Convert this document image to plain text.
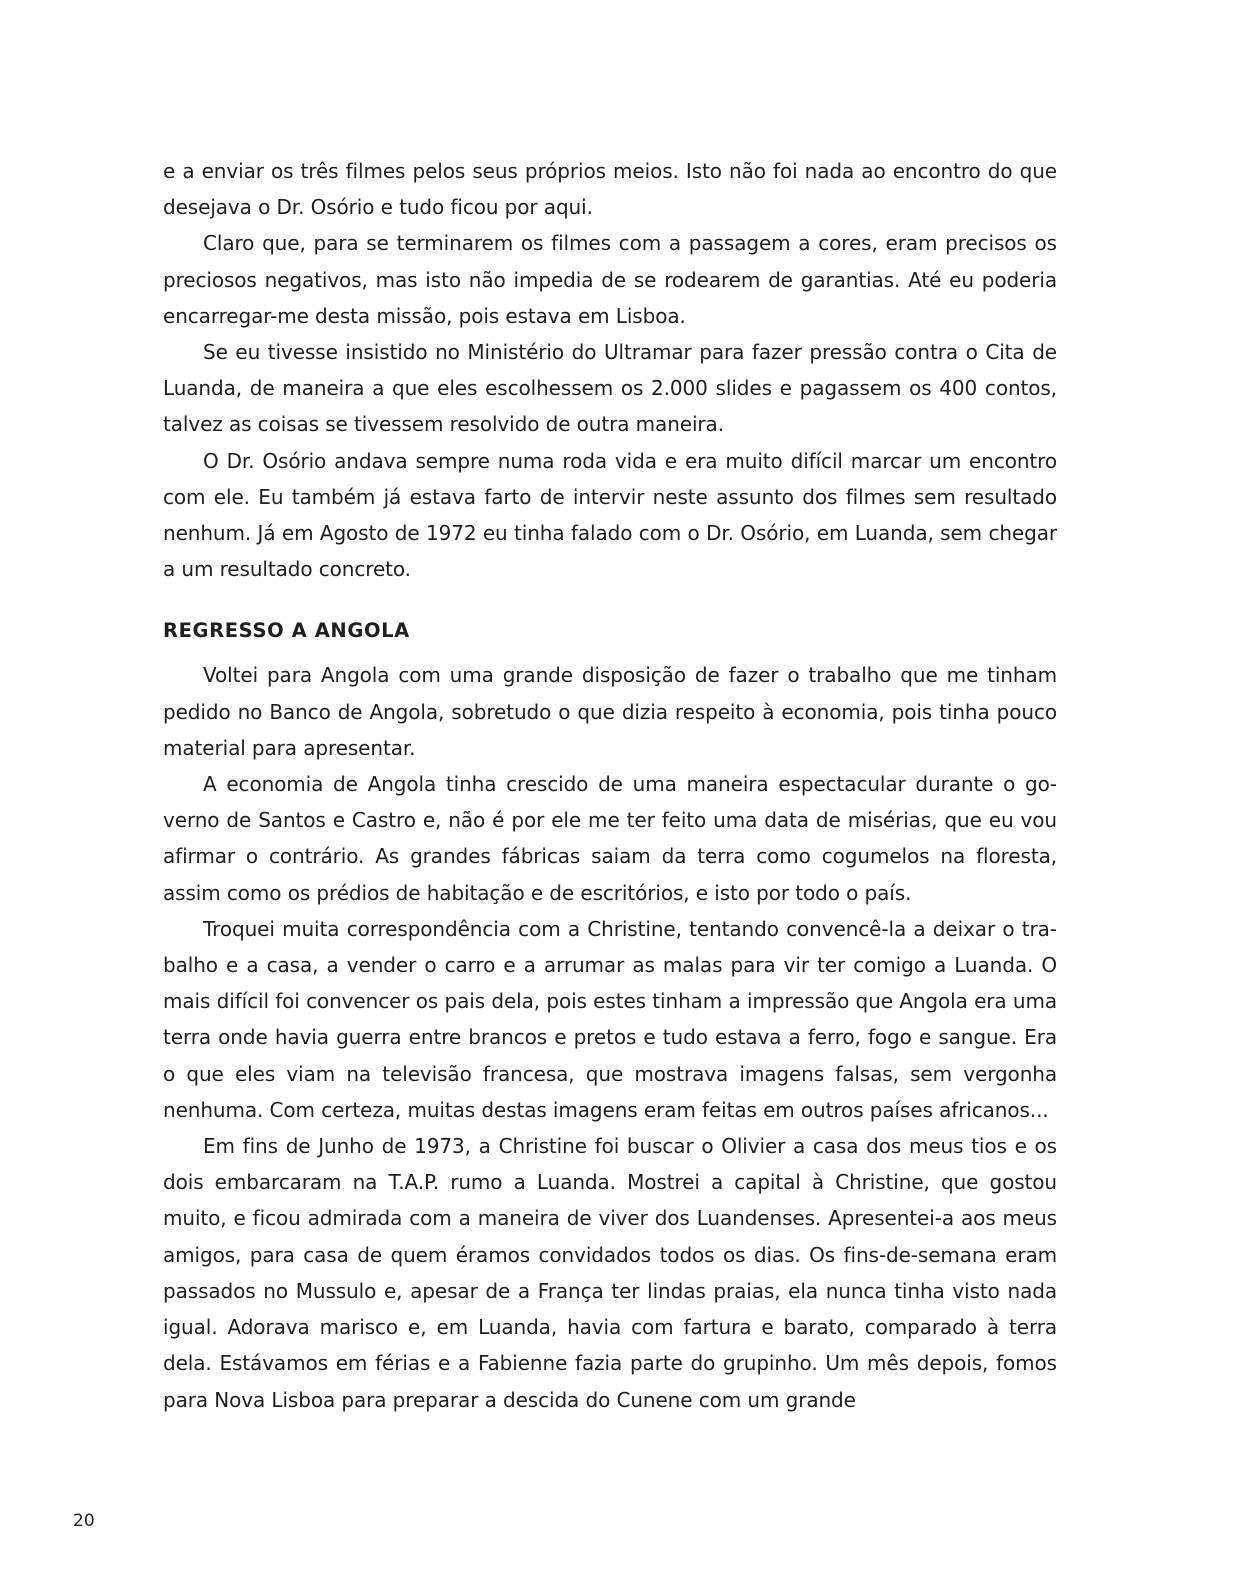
e a enviar os três filmes pelos seus próprios meios. Isto não foi nada ao encontro do que desejava o Dr. Osório e tudo ficou por aqui.

Claro que, para se terminarem os filmes com a passagem a cores, eram precisos os preciosos negativos, mas isto não impedia de se rodearem de garantias. Até eu poderia encarregar-me desta missão, pois estava em Lisboa.

Se eu tivesse insistido no Ministério do Ultramar para fazer pressão contra o Cita de Luanda, de maneira a que eles escolhessem os 2.000 slides e pagassem os 400 contos, talvez as coisas se tivessem resolvido de outra maneira.

O Dr. Osório andava sempre numa roda vida e era muito difícil marcar um encontro com ele. Eu também já estava farto de intervir neste assunto dos filmes sem resultado nenhum. Já em Agosto de 1972 eu tinha falado com o Dr. Osório, em Luanda, sem chegar a um resultado concreto.

REGRESSO A ANGOLA

Voltei para Angola com uma grande disposição de fazer o trabalho que me tinham pedido no Banco de Angola, sobretudo o que dizia respeito à economia, pois tinha pouco material para apresentar.

A economia de Angola tinha crescido de uma maneira espectacular durante o governo de Santos e Castro e, não é por ele me ter feito uma data de misérias, que eu vou afirmar o contrário. As grandes fábricas saiam da terra como cogumelos na floresta, assim como os prédios de habitação e de escritórios, e isto por todo o país.

Troquei muita correspondência com a Christine, tentando convencê-la a deixar o trabalho e a casa, a vender o carro e a arrumar as malas para vir ter comigo a Luanda. O mais difícil foi convencer os pais dela, pois estes tinham a impressão que Angola era uma terra onde havia guerra entre brancos e pretos e tudo estava a ferro, fogo e sangue. Era o que eles viam na televisão francesa, que mostrava imagens falsas, sem vergonha nenhuma. Com certeza, muitas destas imagens eram feitas em outros países africanos...

Em fins de Junho de 1973, a Christine foi buscar o Olivier a casa dos meus tios e os dois embarcaram na T.A.P. rumo a Luanda. Mostrei a capital à Christine, que gostou muito, e ficou admirada com a maneira de viver dos Luandenses. Apresentei-a aos meus amigos, para casa de quem éramos convidados todos os dias. Os fins-de-semana eram passados no Mussulo e, apesar de a França ter lindas praias, ela nunca tinha visto nada igual. Adorava marisco e, em Luanda, havia com fartura e barato, comparado à terra dela. Estávamos em férias e a Fabienne fazia parte do grupinho. Um mês depois, fomos para Nova Lisboa para preparar a descida do Cunene com um grande

20
